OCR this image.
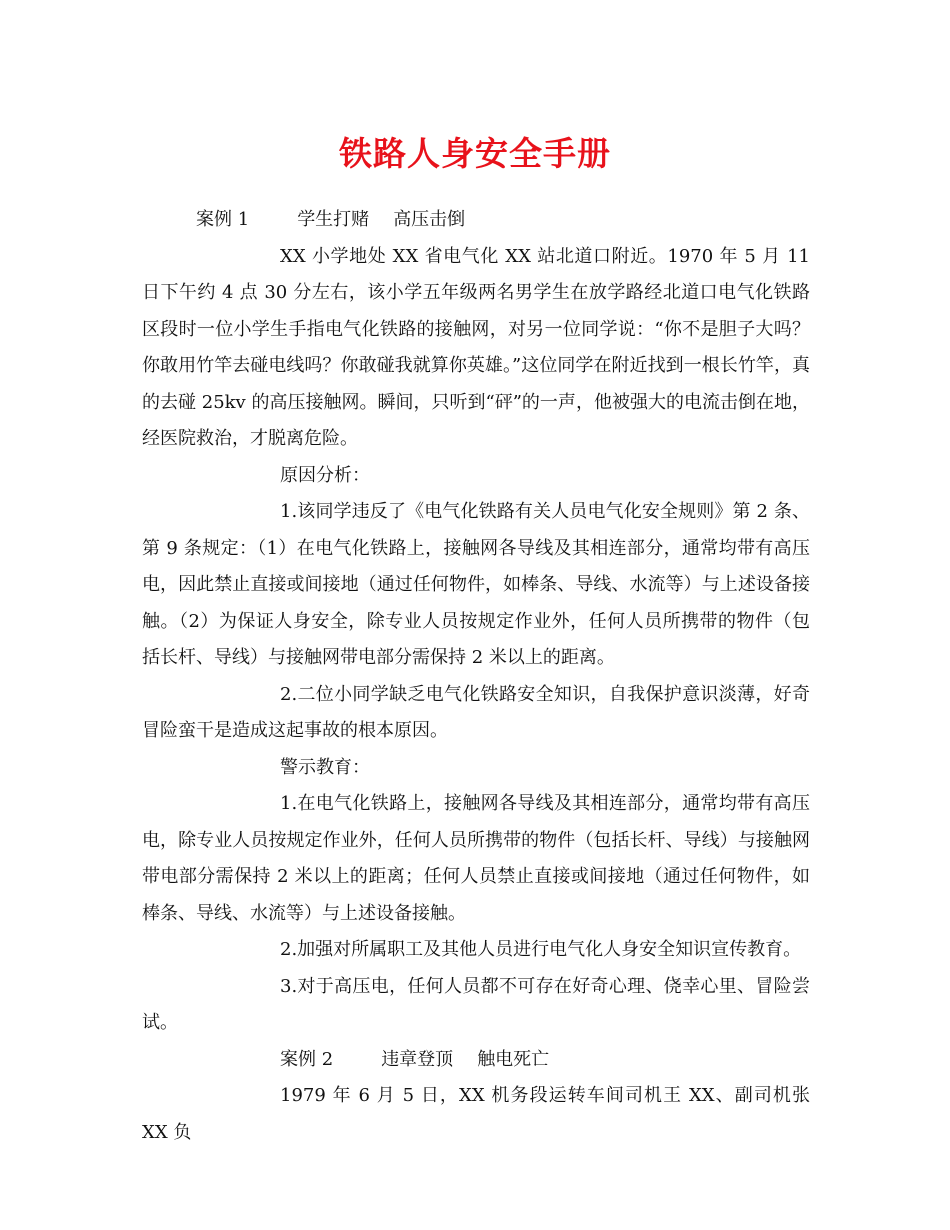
铁路人身安全手册

案例 1	学生打赌 高压击倒

XX 小学地处 XX 省电气化 XX 站北道口附近。1970 年 5 月 11 日下午约 4 点 30 分左右，该小学五年级两名男学生在放学路经北道口电气化铁路区段时一位小学生手指电气化铁路的接触网，对另一位同学说：“你不是胆子大吗？你敢用竹竿去碰电线吗？你敢碰我就算你英雄。”这位同学在附近找到一根长竹竿，真的去碰 25kv 的高压接触网。瞬间，只听到“砰”的一声，他被强大的电流击倒在地，经医院救治，才脱离危险。

原因分析：

1.该同学违反了《电气化铁路有关人员电气化安全规则》第 2 条、第 9 条规定：（1）在电气化铁路上，接触网各导线及其相连部分，通常均带有高压电，因此禁止直接或间接地（通过任何物件，如棒条、导线、水流等）与上述设备接触。（2）为保证人身安全，除专业人员按规定作业外，任何人员所携带的物件（包括长杆、导线）与接触网带电部分需保持 2 米以上的距离。

2.二位小同学缺乏电气化铁路安全知识，自我保护意识淡薄，好奇冒险蛮干是造成这起事故的根本原因。

警示教育：

1.在电气化铁路上，接触网各导线及其相连部分，通常均带有高压电，除专业人员按规定作业外，任何人员所携带的物件（包括长杆、导线）与接触网带电部分需保持 2 米以上的距离；任何人员禁止直接或间接地（通过任何物件，如棒条、导线、水流等）与上述设备接触。

2.加强对所属职工及其他人员进行电气化人身安全知识宣传教育。

3.对于高压电，任何人员都不可存在好奇心理、侥幸心里、冒险尝试。

案例 2	违章登顶 触电死亡

1979 年 6 月 5 日，XX 机务段运转车间司机王 XX、副司机张 XX 负
